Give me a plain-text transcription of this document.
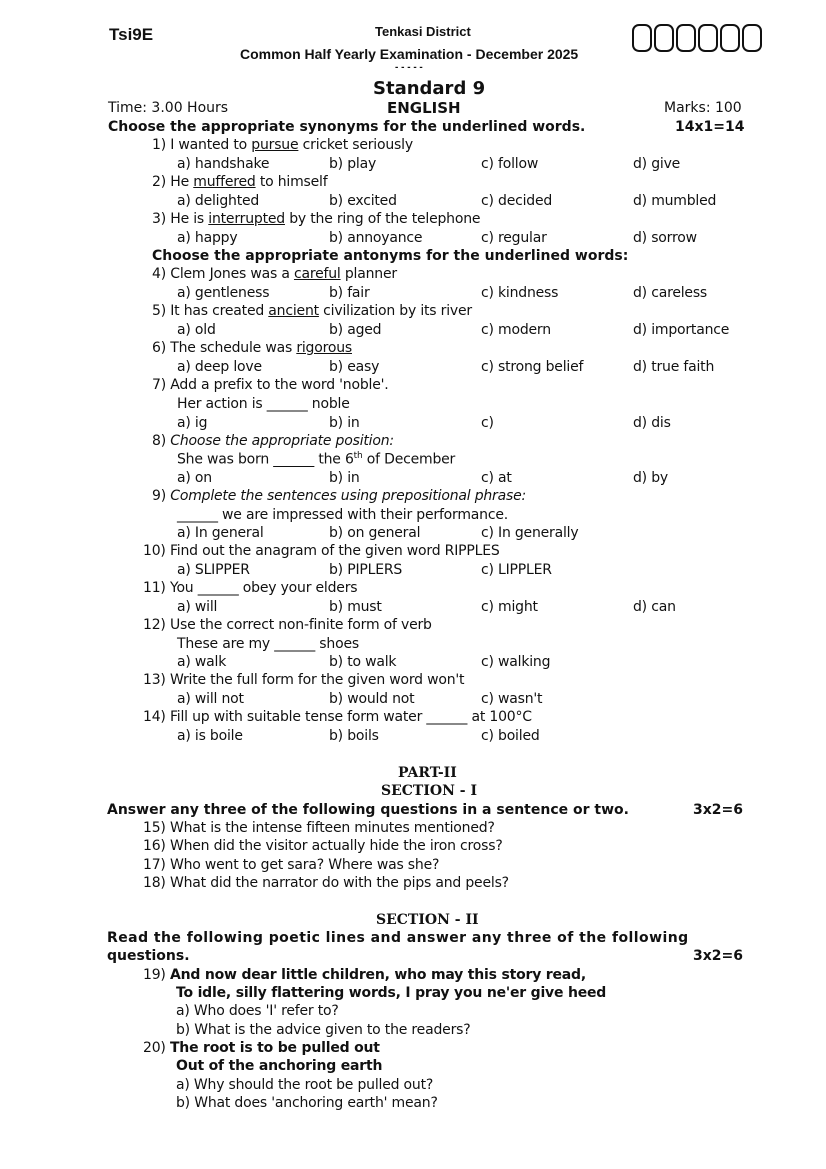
Tsi9E	Tenkasi District
Common Half Yearly Examination - December 2025
- - - - -
Standard 9
Time: 3.00 Hours	ENGLISH	Marks: 100
Choose the appropriate synonyms for the underlined words.	14x1=14
1) I wanted to pursue cricket seriously
a) handshake	b) play	c) follow	d) give
2) He muffered to himself
a) delighted	b) excited	c) decided	d) mumbled
3) He is interrupted by the ring of the telephone
a) happy	b) annoyance	c) regular	d) sorrow
Choose the appropriate antonyms for the underlined words:
4) Clem Jones was a careful planner
a) gentleness	b) fair	c) kindness	d) careless
5) It has created ancient civilization by its river
a) old	b) aged	c) modern	d) importance
6) The schedule was rigorous
a) deep love	b) easy	c) strong belief	d) true faith
7) Add a prefix to the word 'noble'.
Her action is ______ noble
a) ig	b) in	c)	d) dis
8) Choose the appropriate position:
She was born ______ the 6th of December
a) on	b) in	c) at	d) by
9) Complete the sentences using prepositional phrase:
______ we are impressed with their performance.
a) In general	b) on general	c) In generally
10) Find out the anagram of the given word RIPPLES
a) SLIPPER	b) PIPLERS	c) LIPPLER
11) You ______ obey your elders
a) will	b) must	c) might	d) can
12) Use the correct non-finite form of verb
These are my ______ shoes
a) walk	b) to walk	c) walking
13) Write the full form for the given word won't
a) will not	b) would not	c) wasn't
14) Fill up with suitable tense form water ______ at 100°C
a) is boile	b) boils	c) boiled
PART-II
SECTION - I
Answer any three of the following questions in a sentence or two.	3x2=6
15) What is the intense fifteen minutes mentioned?
16) When did the visitor actually hide the iron cross?
17) Who went to get sara? Where was she?
18) What did the narrator do with the pips and peels?
SECTION - II
Read the following poetic lines and answer any three of the following
questions.	3x2=6
19) And now dear little children, who may this story read,
To idle, silly flattering words, I pray you ne'er give heed
a) Who does 'I' refer to?
b) What is the advice given to the readers?
20) The root is to be pulled out
Out of the anchoring earth
a) Why should the root be pulled out?
b) What does 'anchoring earth' mean?
